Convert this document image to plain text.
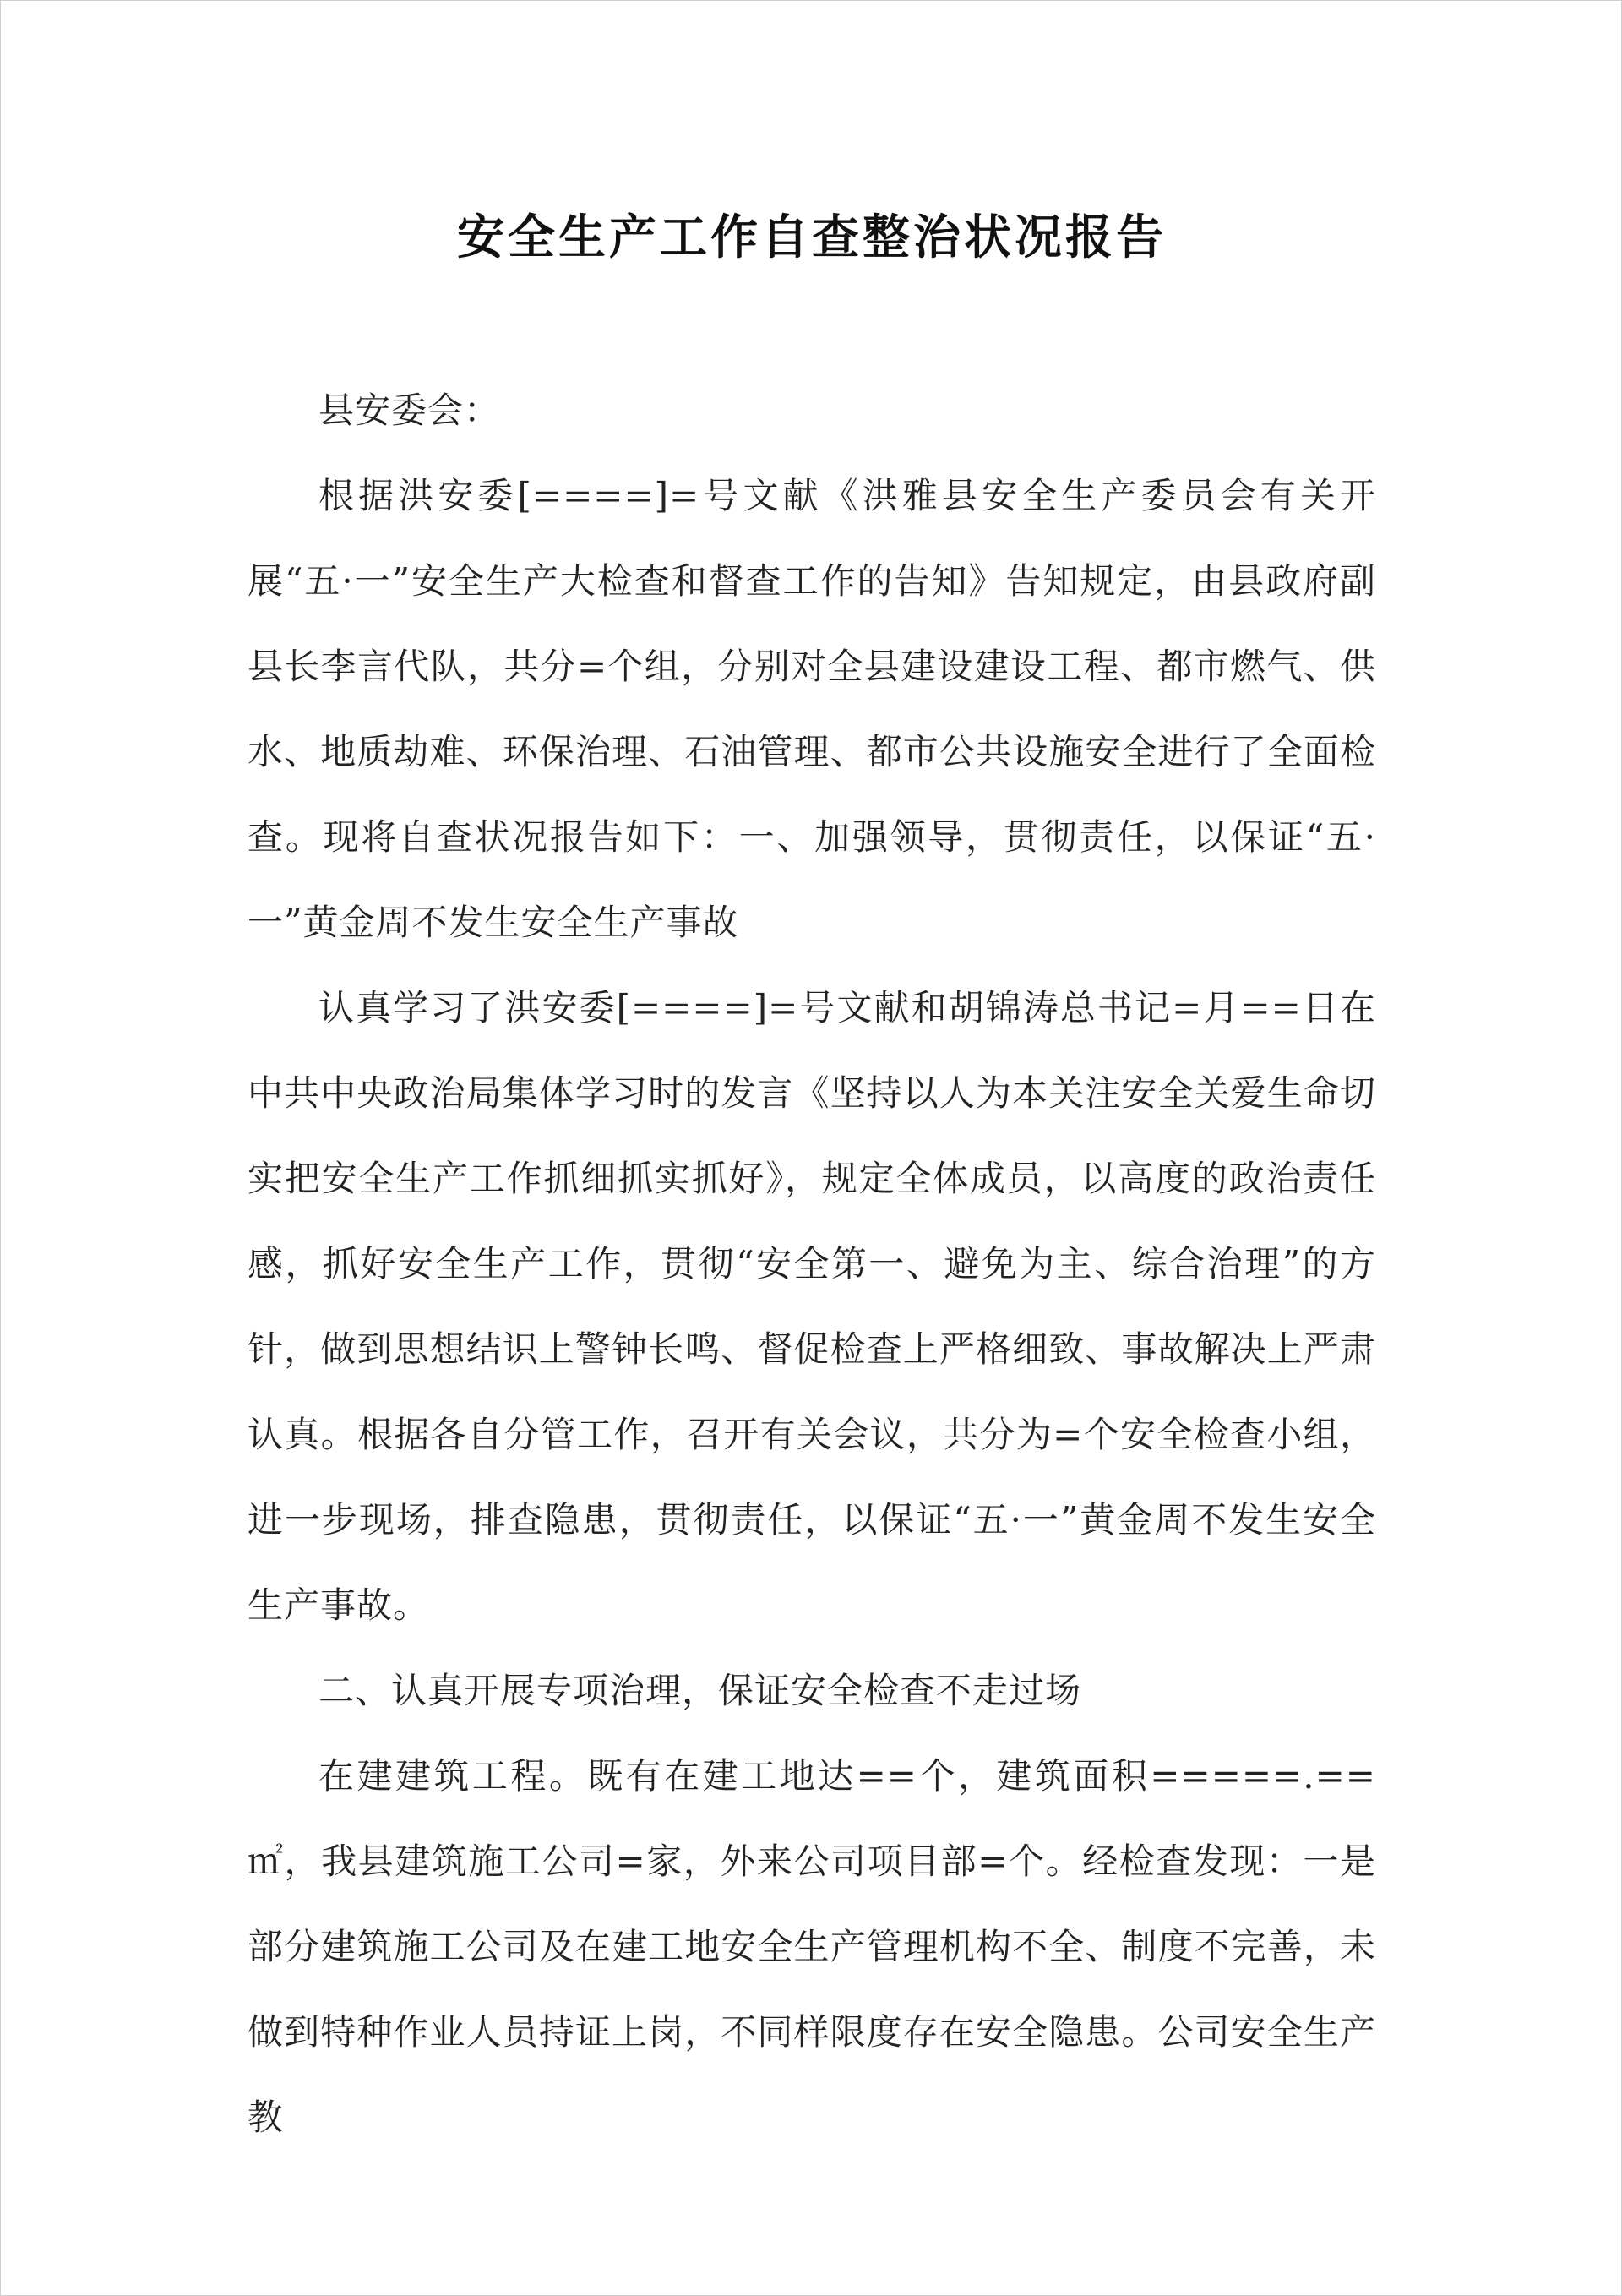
安全生产工作自查整治状况报告

县安委会：

根据洪安委[====]=号文献《洪雅县安全生产委员会有关开展“五·一”安全生产大检查和督查工作的告知》告知规定，由县政府副县长李言代队，共分=个组，分别对全县建设建设工程、都市燃气、供水、地质劫难、环保治理、石油管理、都市公共设施安全进行了全面检查。现将自查状况报告如下：一、加强领导，贯彻责任，以保证“五·一”黄金周不发生安全生产事故

认真学习了洪安委[====]=号文献和胡锦涛总书记=月==日在中共中央政治局集体学习时的发言《坚持以人为本关注安全关爱生命切实把安全生产工作抓细抓实抓好》，规定全体成员，以高度的政治责任感，抓好安全生产工作，贯彻“安全第一、避免为主、综合治理”的方针，做到思想结识上警钟长鸣、督促检查上严格细致、事故解决上严肃认真。根据各自分管工作，召开有关会议，共分为=个安全检查小组，进一步现场，排查隐患，贯彻责任，以保证“五·一”黄金周不发生安全生产事故。

二、认真开展专项治理，保证安全检查不走过场

在建建筑工程。既有在建工地达==个，建筑面积=====.==㎡，我县建筑施工公司=家，外来公司项目部=个。经检查发现：一是部分建筑施工公司及在建工地安全生产管理机构不全、制度不完善，未做到特种作业人员持证上岗，不同样限度存在安全隐患。公司安全生产教
